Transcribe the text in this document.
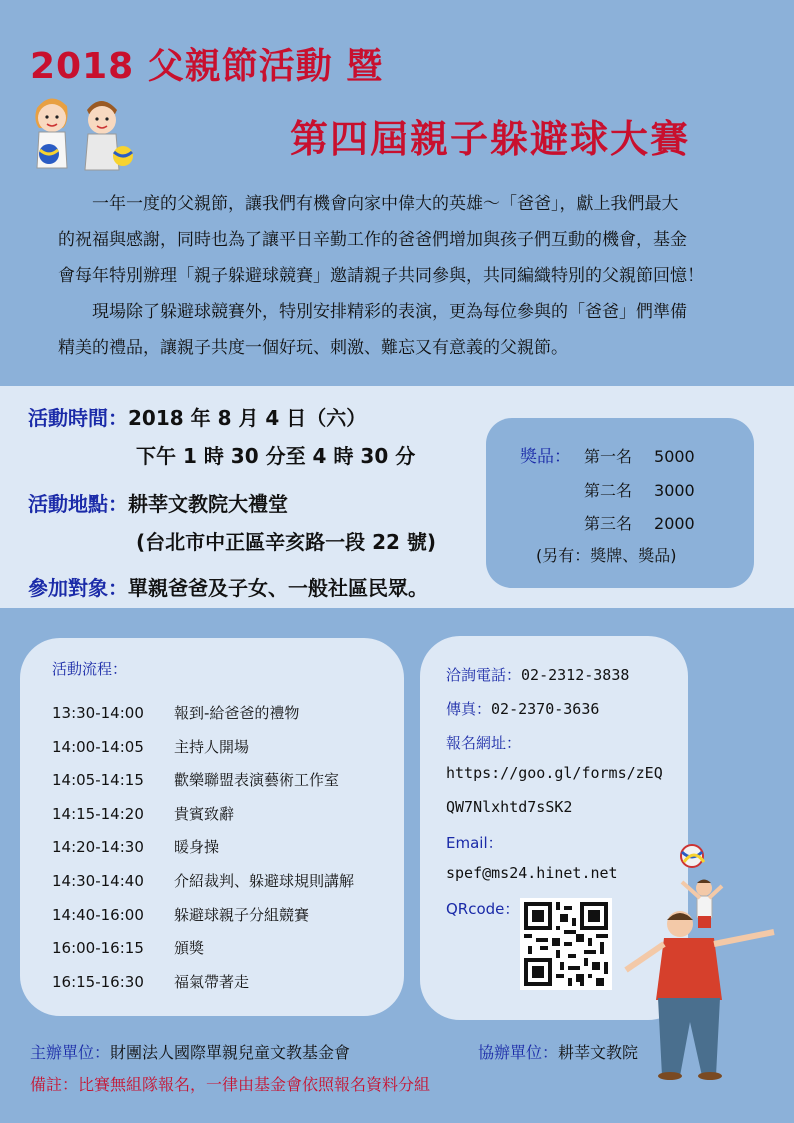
2018 父親節活動 暨
第四屆親子躲避球大賽
一年一度的父親節，讓我們有機會向家中偉大的英雄～「爸爸」，獻上我們最大
的祝福與感謝，同時也為了讓平日辛勤工作的爸爸們增加與孩子們互動的機會，基金
會每年特別辦理「親子躲避球競賽」邀請親子共同參與，共同編織特別的父親節回憶！
現場除了躲避球競賽外，特別安排精彩的表演，更為每位參與的「爸爸」們準備
精美的禮品，讓親子共度一個好玩、刺激、難忘又有意義的父親節。
活動時間：2018 年 8 月 4 日（六）
下午 1 時 30 分至 4 時 30 分
活動地點：耕莘文教院大禮堂
(台北市中正區辛亥路一段 22 號)
參加對象：單親爸爸及子女、一般社區民眾。
獎品： 第一名 5000
第二名 3000
第三名 2000
(另有：獎牌、獎品)
活動流程：
13:30-14:00 報到-給爸爸的禮物
14:00-14:05 主持人開場
14:05-14:15 歡樂聯盟表演藝術工作室
14:15-14:20 貴賓致辭
14:20-14:30 暖身操
14:30-14:40 介紹裁判、躲避球規則講解
14:40-16:00 躲避球親子分組競賽
16:00-16:15 頒獎
16:15-16:30 福氣帶著走
洽詢電話：02-2312-3838
傳真：02-2370-3636
報名網址：
https://goo.gl/forms/zEQ
QW7Nlxhtd7sSK2
Email：
spef@ms24.hinet.net
QRcode：
主辦單位：財團法人國際單親兒童文教基金會	協辦單位：耕莘文教院
備註：比賽無組隊報名，一律由基金會依照報名資料分組
